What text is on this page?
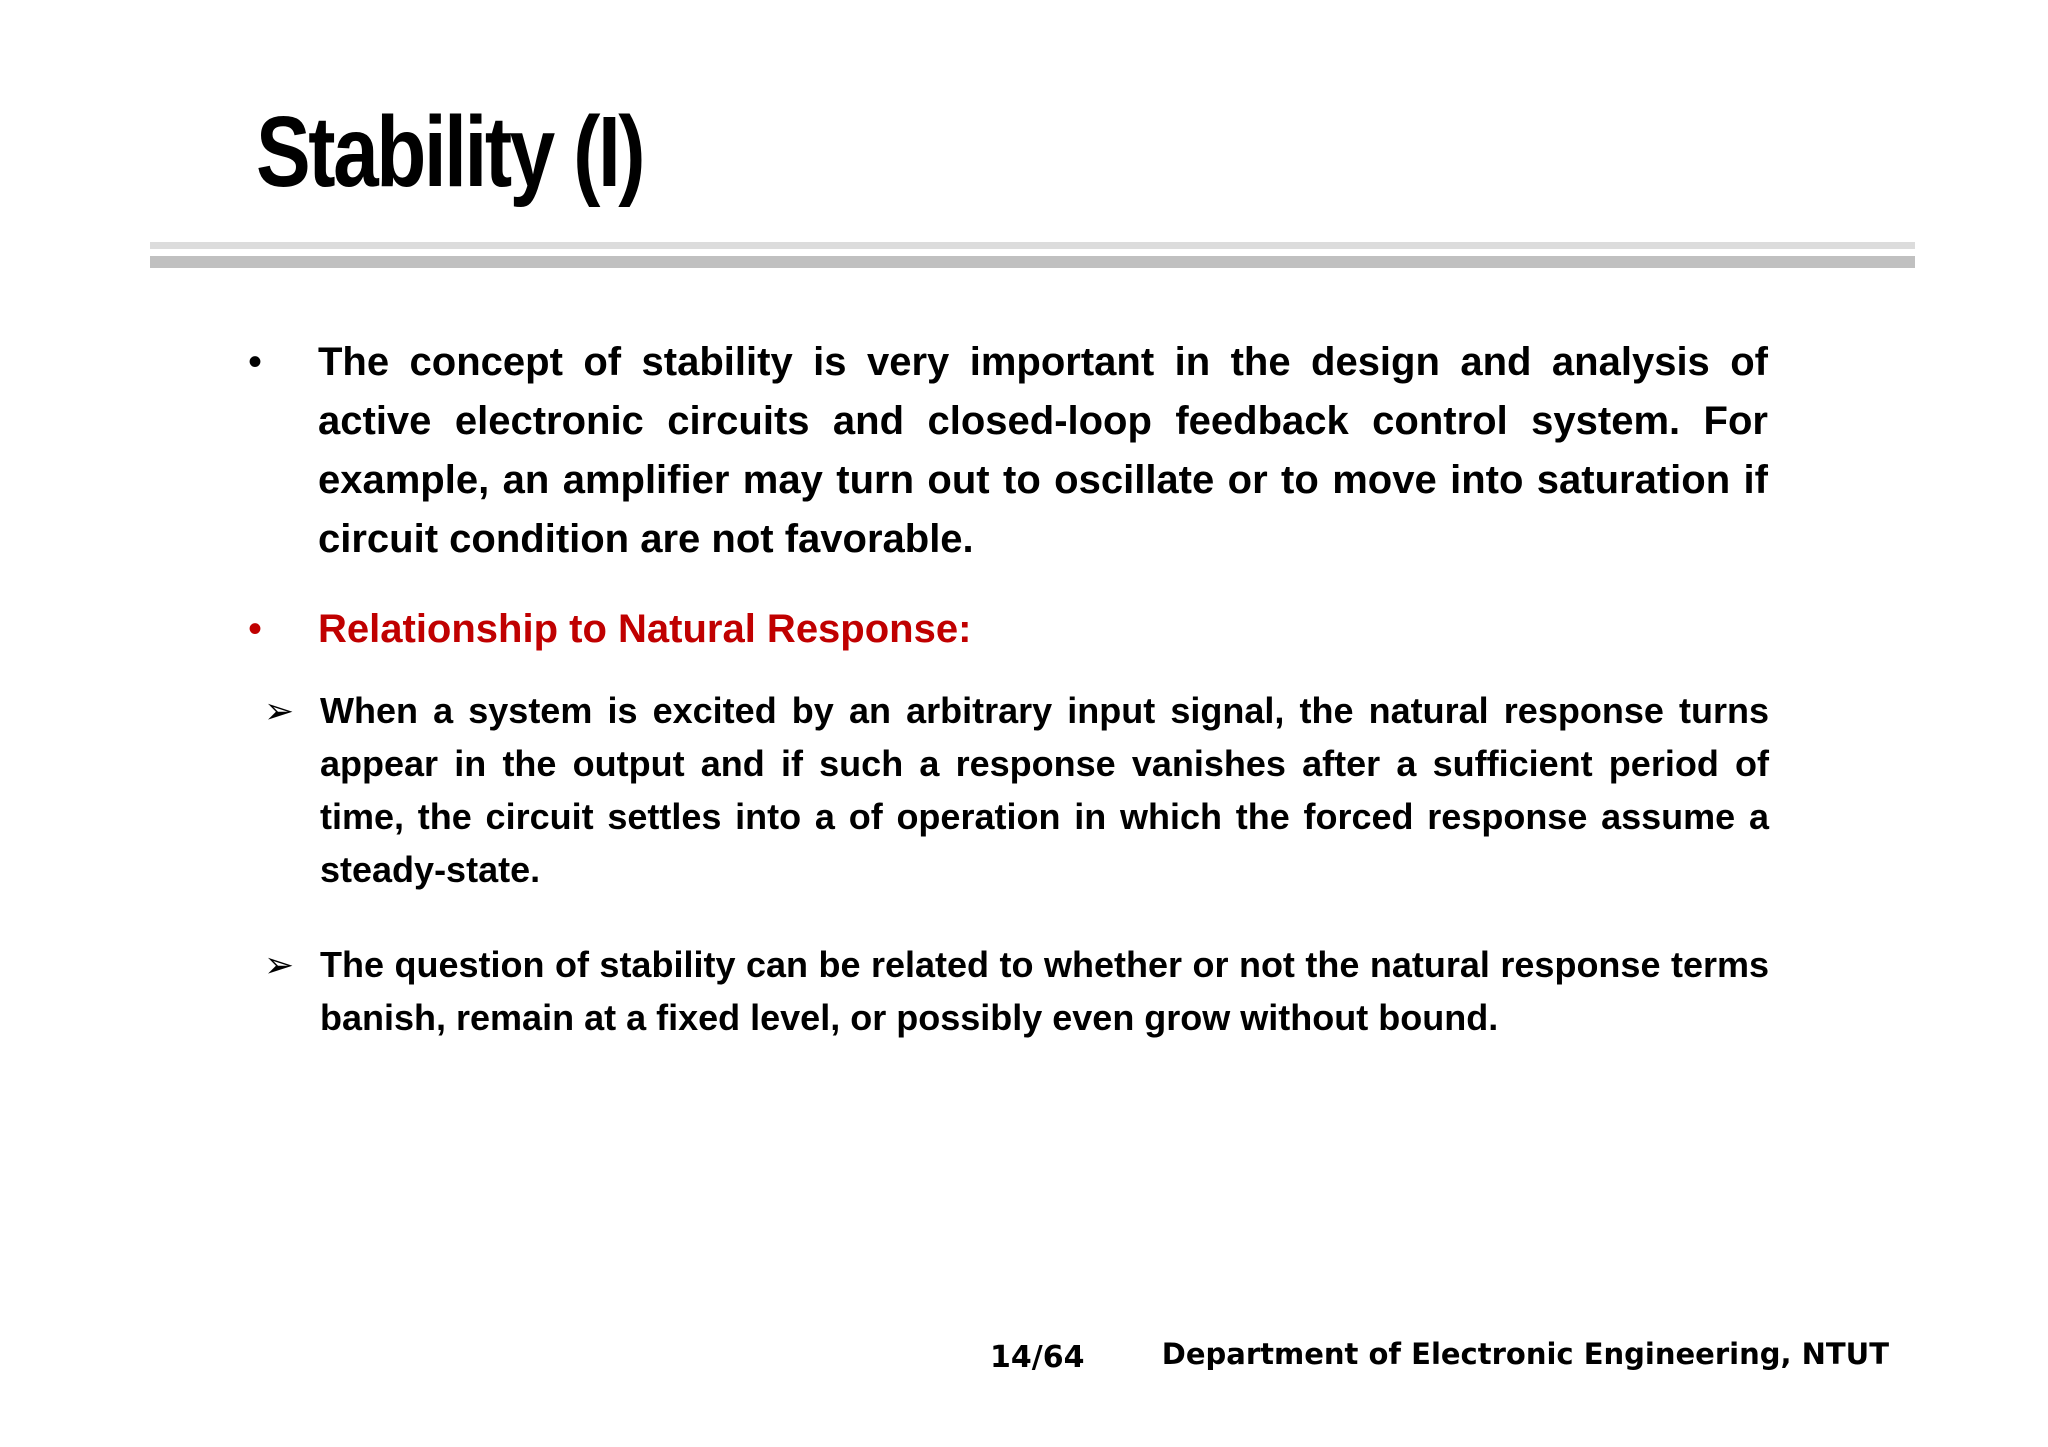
Stability (I)
•	The concept of stability is very important in the design and analysis of active electronic circuits and closed-loop feedback control system. For example, an amplifier may turn out to oscillate or to move into saturation if circuit condition are not favorable.
•	Relationship to Natural Response:
➢ When a system is excited by an arbitrary input signal, the natural response turns appear in the output and if such a response vanishes after a sufficient period of time, the circuit settles into a of operation in which the forced response assume a steady-state.
➢ The question of stability can be related to whether or not the natural response terms banish, remain at a fixed level, or possibly even grow without bound.
14/64	Department of Electronic Engineering, NTUT
